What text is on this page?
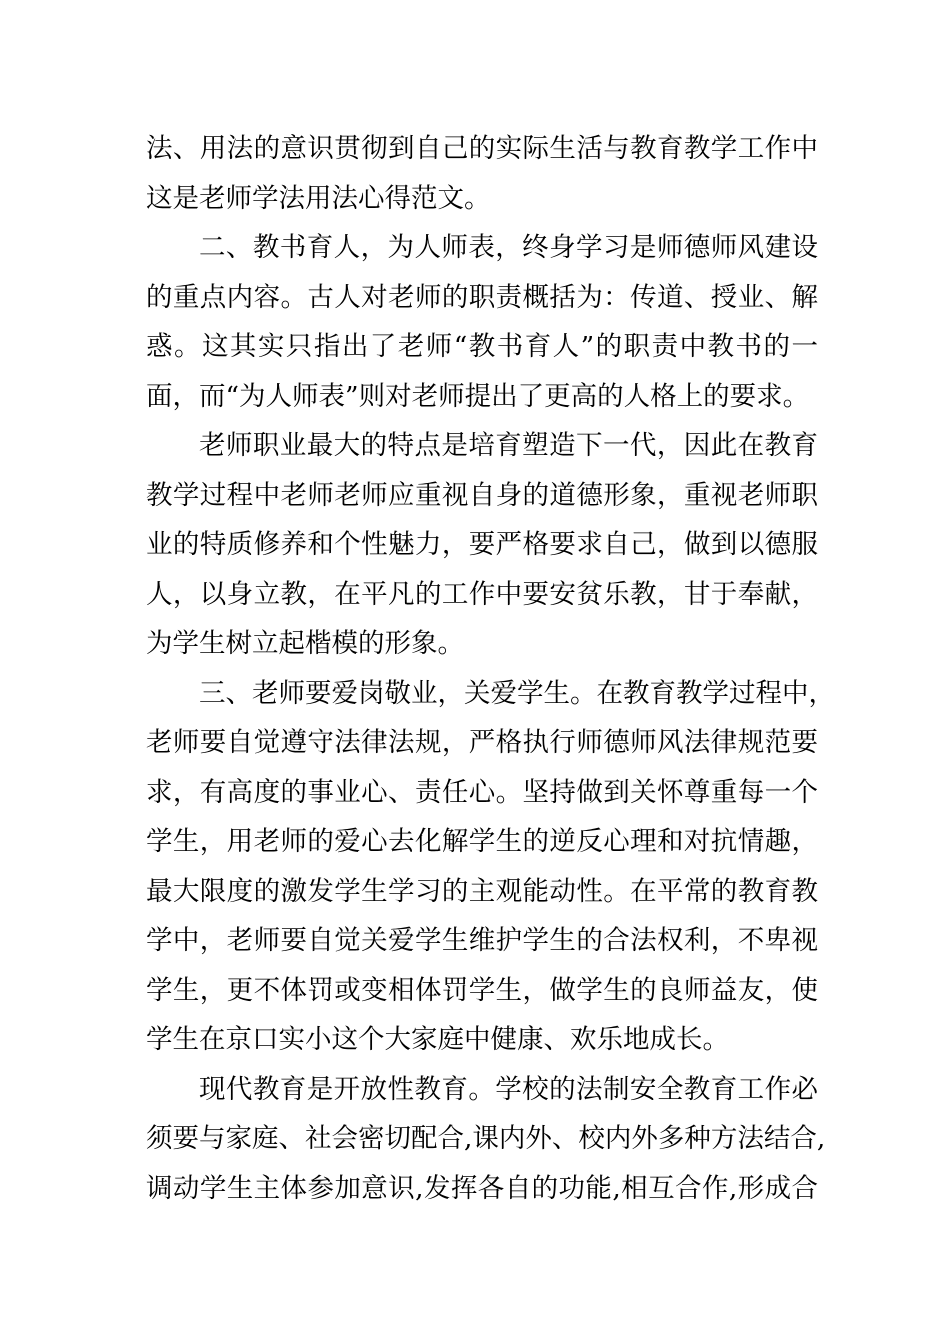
法、用法的意识贯彻到自己的实际生活与教育教学工作中
这是老师学法用法心得范文。
二、教书育人，为人师表，终身学习是师德师风建设
的重点内容。古人对老师的职责概括为：传道、授业、解
惑。这其实只指出了老师“教书育人”的职责中教书的一
面，而“为人师表”则对老师提出了更高的人格上的要求。
老师职业最大的特点是培育塑造下一代，因此在教育
教学过程中老师老师应重视自身的道德形象，重视老师职
业的特质修养和个性魅力，要严格要求自己，做到以德服
人，以身立教，在平凡的工作中要安贫乐教，甘于奉献，
为学生树立起楷模的形象。
三、老师要爱岗敬业，关爱学生。在教育教学过程中，
老师要自觉遵守法律法规，严格执行师德师风法律规范要
求，有高度的事业心、责任心。坚持做到关怀尊重每一个
学生，用老师的爱心去化解学生的逆反心理和对抗情趣，
最大限度的激发学生学习的主观能动性。在平常的教育教
学中，老师要自觉关爱学生维护学生的合法权利，不卑视
学生，更不体罚或变相体罚学生，做学生的良师益友，使
学生在京口实小这个大家庭中健康、欢乐地成长。
现代教育是开放性教育。学校的法制安全教育工作必
须要与家庭、社会密切配合,课内外、校内外多种方法结合,
调动学生主体参加意识,发挥各自的功能,相互合作,形成合
